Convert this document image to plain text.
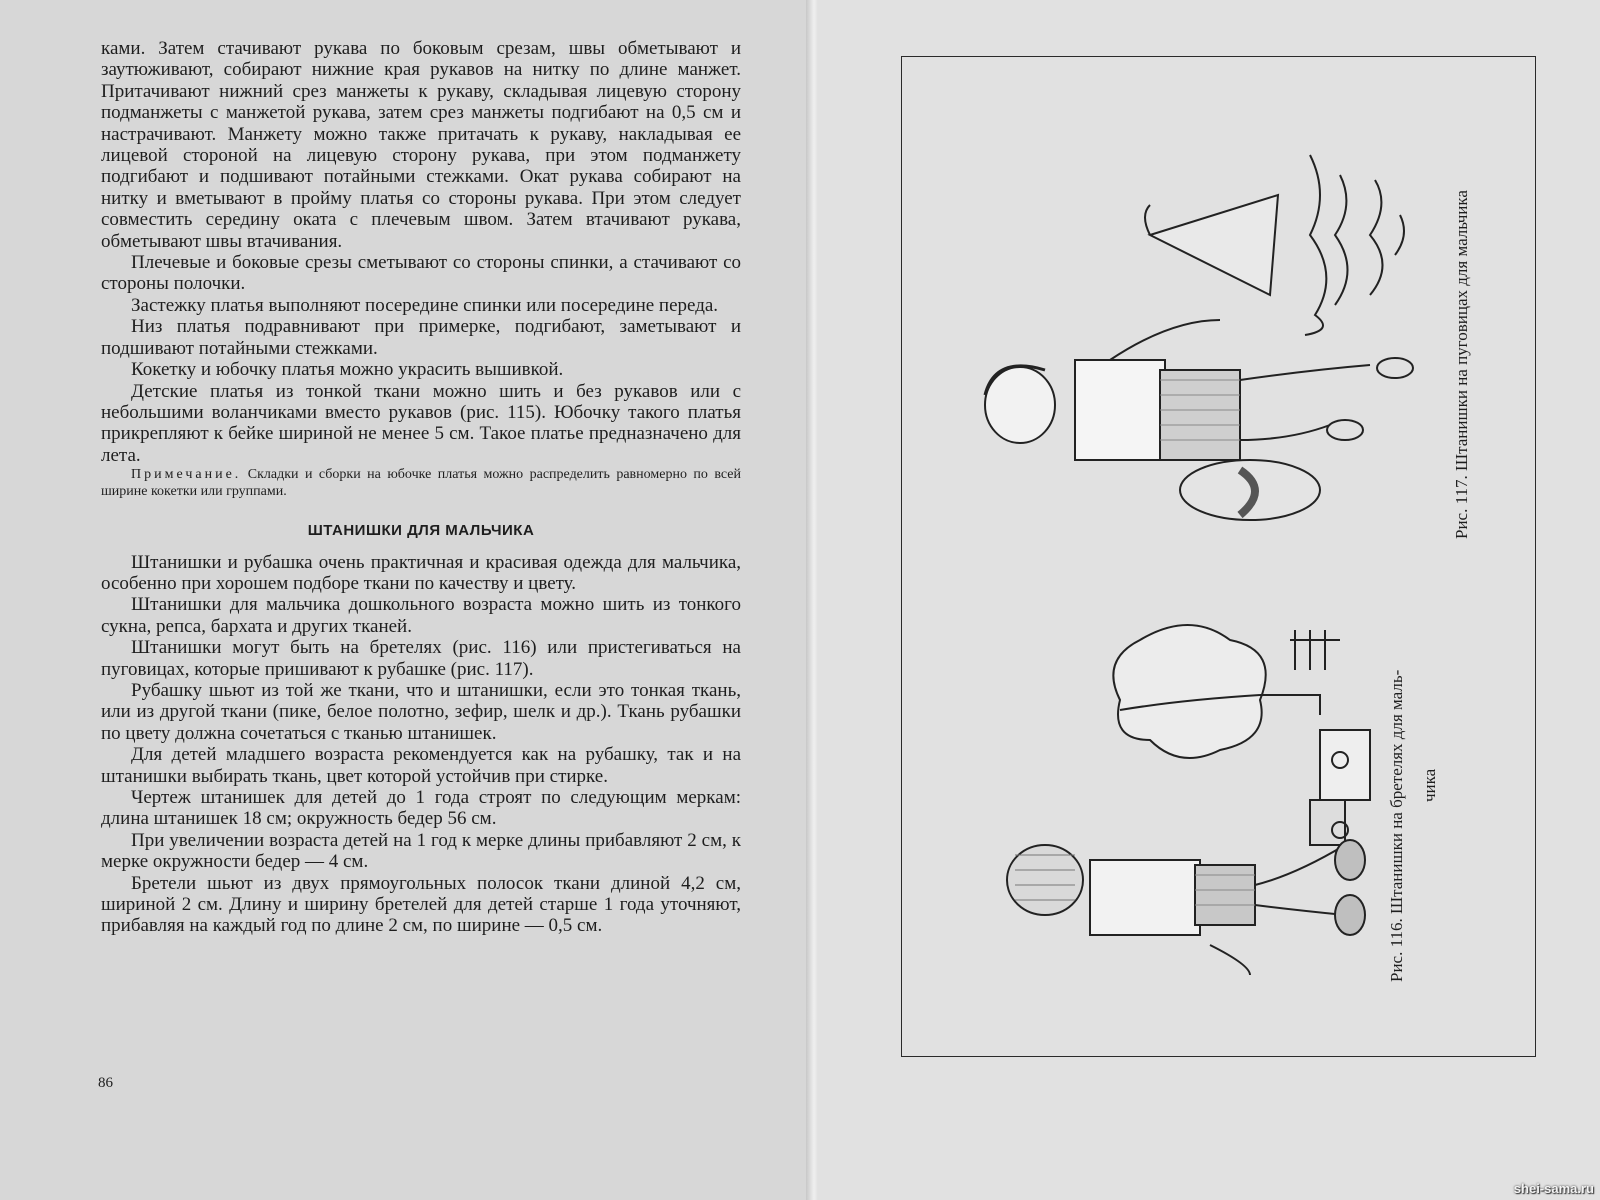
ками. Затем стачивают рукава по боковым срезам, швы обметывают и заутюживают, собирают нижние края рукавов на нитку по длине манжет. Притачивают нижний срез манжеты к рукаву, складывая лицевую сторону подманжеты с манжетой рукава, затем срез манжеты подгибают на 0,5 см и настрачивают. Манжету можно также притачать к рукаву, накладывая ее лицевой стороной на лицевую сторону рукава, при этом подманжету подгибают и подшивают потайными стежками. Окат рукава собирают на нитку и вметывают в пройму платья со стороны рукава. При этом следует совместить середину оката с плечевым швом. Затем втачивают рукава, обметывают швы втачивания.

Плечевые и боковые срезы сметывают со стороны спинки, а стачивают со стороны полочки.

Застежку платья выполняют посередине спинки или посередине переда.

Низ платья подравнивают при примерке, подгибают, заметывают и подшивают потайными стежками.

Кокетку и юбочку платья можно украсить вышивкой.

Детские платья из тонкой ткани можно шить и без рукавов или с небольшими воланчиками вместо рукавов (рис. 115). Юбочку такого платья прикрепляют к бейке шириной не менее 5 см. Такое платье предназначено для лета.

Примечание. Складки и сборки на юбочке платья можно распределить равномерно по всей ширине кокетки или группами.

ШТАНИШКИ ДЛЯ МАЛЬЧИКА

Штанишки и рубашка очень практичная и красивая одежда для мальчика, особенно при хорошем подборе ткани по качеству и цвету.

Штанишки для мальчика дошкольного возраста можно шить из тонкого сукна, репса, бархата и других тканей.

Штанишки могут быть на бретелях (рис. 116) или пристегиваться на пуговицах, которые пришивают к рубашке (рис. 117).

Рубашку шьют из той же ткани, что и штанишки, если это тонкая ткань, или из другой ткани (пике, белое полотно, зефир, шелк и др.). Ткань рубашки по цвету должна сочетаться с тканью штанишек.

Для детей младшего возраста рекомендуется как на рубашку, так и на штанишки выбирать ткань, цвет которой устойчив при стирке.

Чертеж штанишек для детей до 1 года строят по следующим меркам: длина штанишек 18 см; окружность бедер 56 см.

При увеличении возраста детей на 1 год к мерке длины прибавляют 2 см, к мерке окружности бедер — 4 см.

Бретели шьют из двух прямоугольных полосок ткани длиной 4,2 см, шириной 2 см. Длину и ширину бретелей для детей старше 1 года уточняют, прибавляя на каждый год по длине 2 см, по ширине — 0,5 см.

86
Рис. 117. Штанишки на пуговицах для мальчика
Рис. 116. Штанишки на бретелях для маль- чика
shei-sama.ru
